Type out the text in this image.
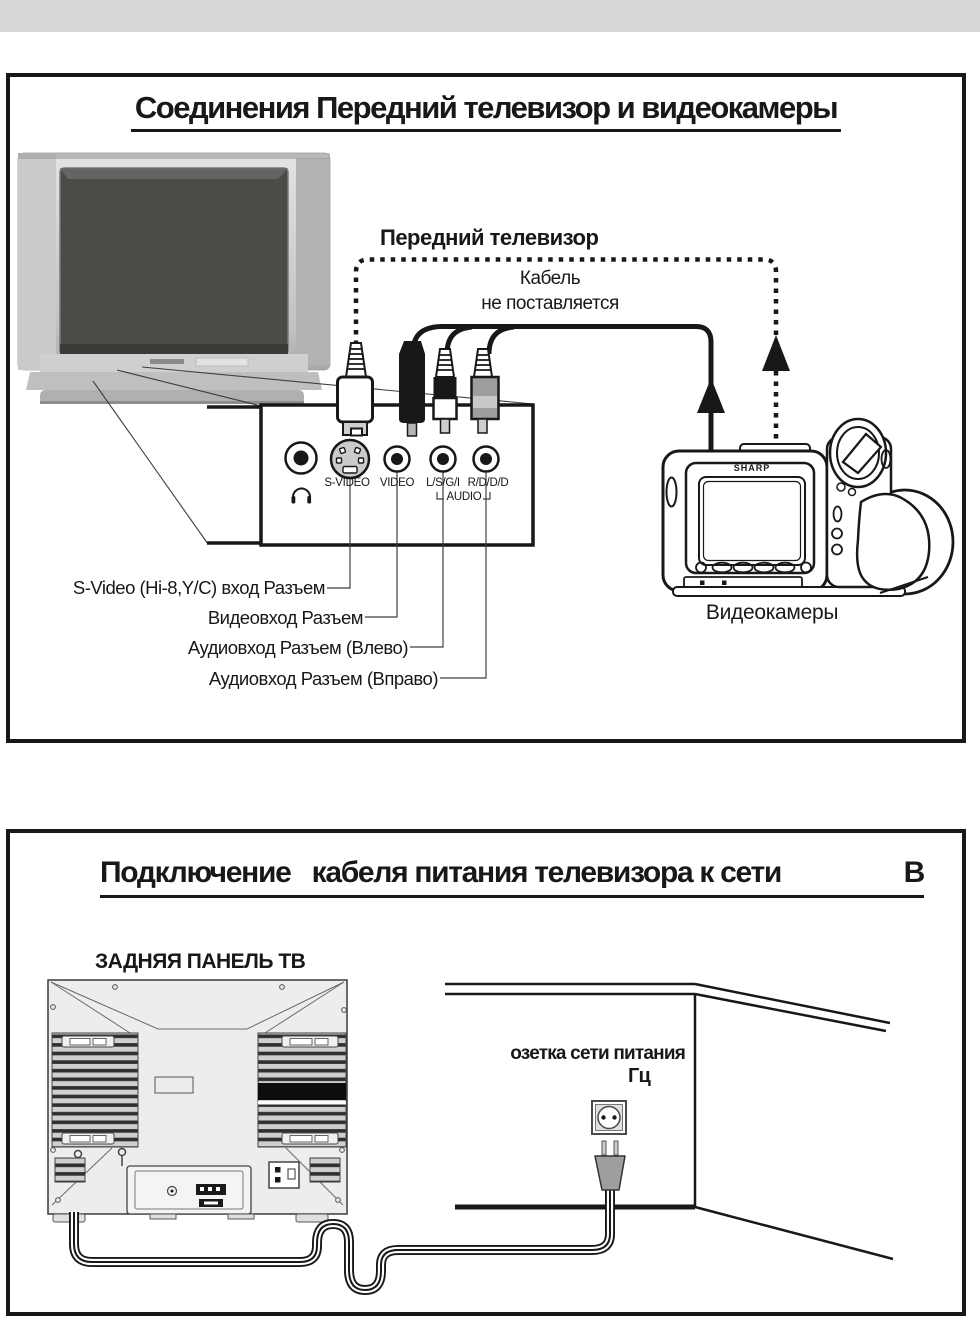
Соединения Передний телевизор и видеокамеры
Передний телевизор
Кабель
не поставляется
S-VIDEO VIDEO	L/S/G/I R/D/D/D
AUDIO
S-Video (Hi-8,Y/C) вход Разъем
Видеовход Разъем
Аудиовход Разъем (Влево)
Аудиовход Разъем (Вправо)
SHARP
Видеокамеры
Подключение   кабеля питания телевизора к сети	В
ЗАДНЯЯ ПАНЕЛЬ ТВ
озетка сети питания
Гц
